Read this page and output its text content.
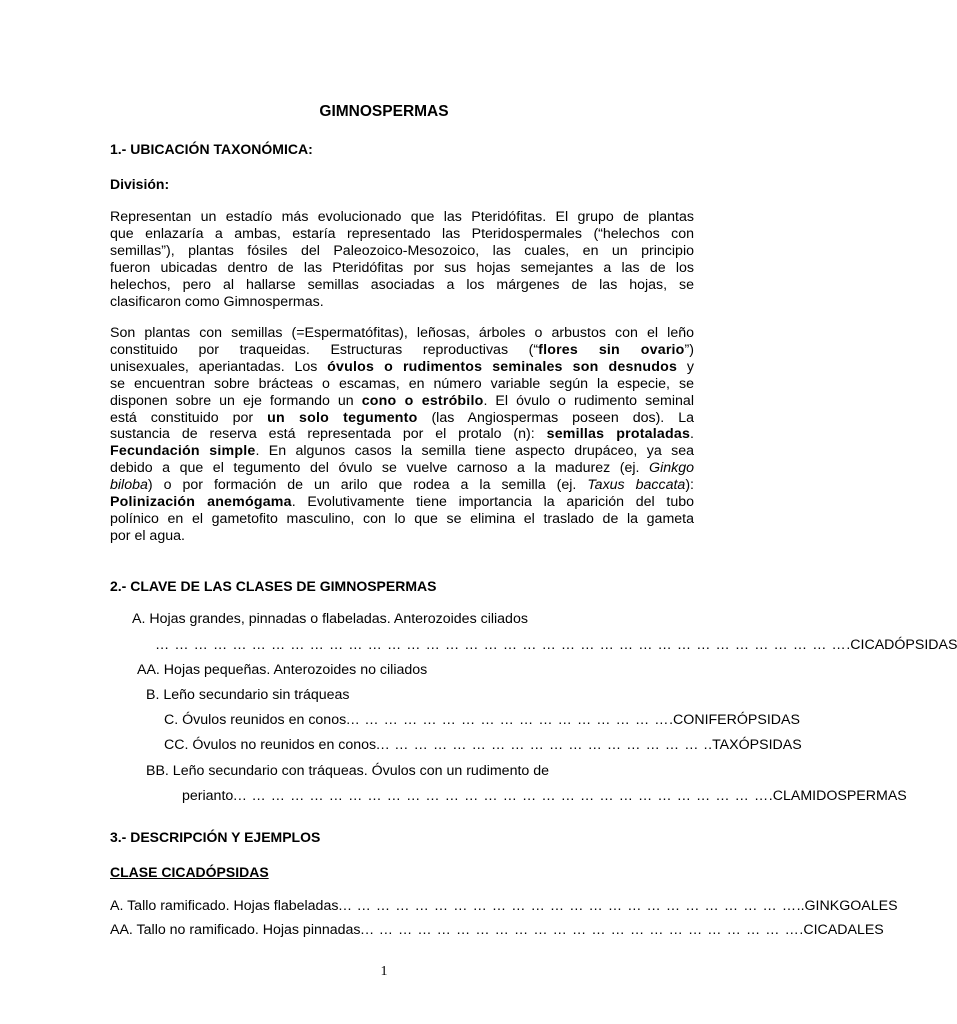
GIMNOSPERMAS
1.- UBICACIÓN TAXONÓMICA:
División:
Representan un estadío más evolucionado que las Pteridófitas. El grupo de plantas
que enlazaría a ambas, estaría representado las Pteridospermales (“helechos con
semillas”), plantas fósiles del Paleozoico-Mesozoico, las cuales, en un principio
fueron ubicadas dentro de las Pteridófitas por sus hojas semejantes a las de los
helechos, pero al hallarse semillas asociadas a los márgenes de las hojas, se
clasificaron como Gimnospermas.
Son plantas con semillas (=Espermatófitas), leñosas, árboles o arbustos con el leño
constituido por traqueidas. Estructuras reproductivas (“flores sin ovario”)
unisexuales, aperiantadas. Los óvulos o rudimentos seminales son desnudos y
se encuentran sobre brácteas o escamas, en número variable según la especie, se
disponen sobre un eje formando un cono o estróbilo. El óvulo o rudimento seminal
está constituido por un solo tegumento (las Angiospermas poseen dos). La
sustancia de reserva está representada por el protalo (n): semillas protaladas.
Fecundación simple. En algunos casos la semilla tiene aspecto drupáceo, ya sea
debido a que el tegumento del óvulo se vuelve carnoso a la madurez (ej. Ginkgo
biloba) o por formación de un arilo que rodea a la semilla (ej. Taxus baccata):
Polinización anemógama. Evolutivamente tiene importancia la aparición del tubo
polínico en el gametofito masculino, con lo que se elimina el traslado de la gameta
por el agua.
2.- CLAVE DE LAS CLASES DE GIMNOSPERMAS
A. Hojas grandes, pinnadas o flabeladas. Anterozoides ciliados
… … … … … … … … … … … … … … … … … … … … … … … … … … … … … … … … … … … … .CICADÓPSIDAS
AA. Hojas pequeñas. Anterozoides no ciliados
B. Leño secundario sin tráqueas
C. Óvulos reunidos en conos ... … … … … … … … … … … … … … … … … .CONIFERÓPSIDAS
CC. Óvulos no reunidos en conos ... … … … … … … … … … … … … … … … … . .TAXÓPSIDAS
BB. Leño secundario con tráqueas. Óvulos con un rudimento de
perianto ... … … … … … … … … … … … … … … … … … … … … … … … … … … … .CLAMIDOSPERMAS
3.- DESCRIPCIÓN Y EJEMPLOS
CLASE CICADÓPSIDAS
A. Tallo ramificado. Hojas flabeladas ... … … … … … … … … … … … … … … … … … … … … … … … ..GINKGOALES
AA. Tallo no ramificado. Hojas pinnadas ... … … … … … … … … … … … … … … … … … … … … … … .CICADALES
1
